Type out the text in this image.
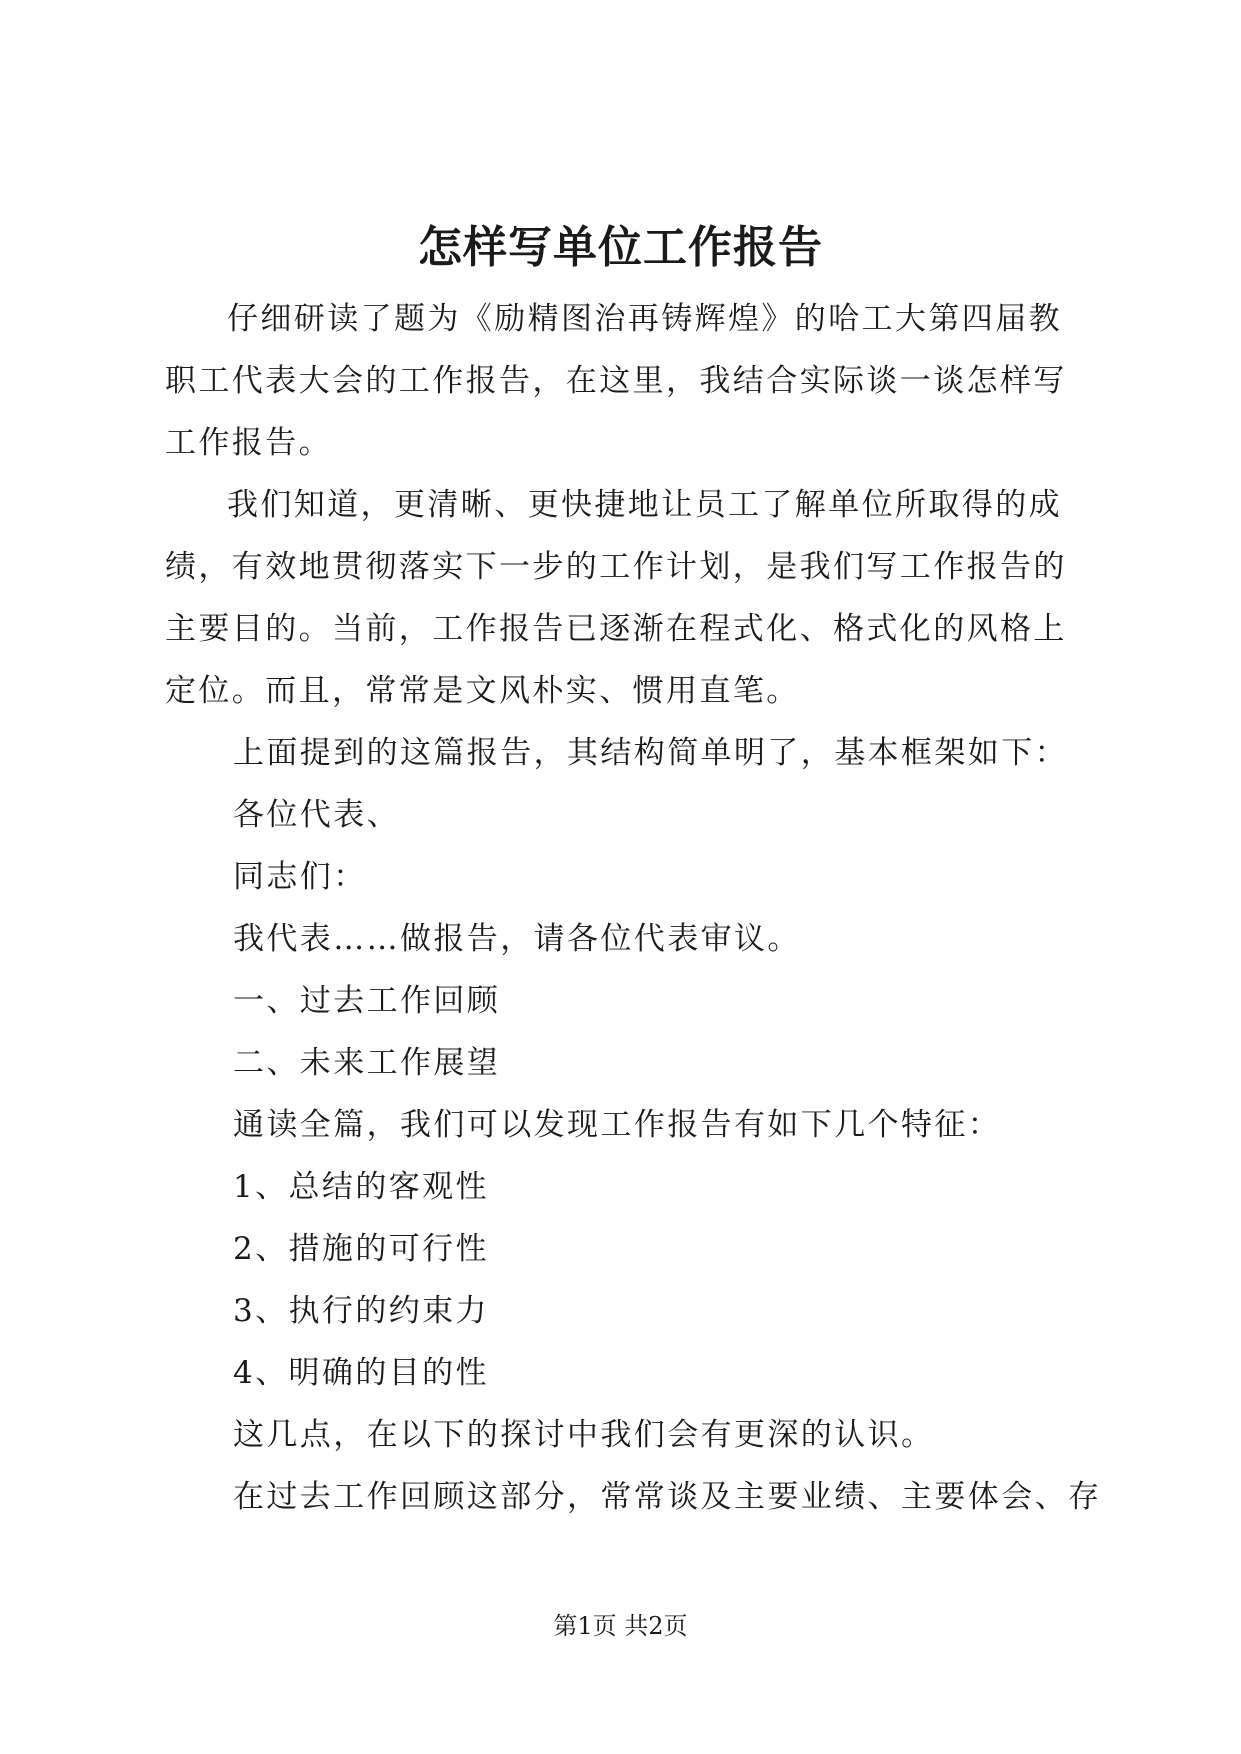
怎样写单位工作报告

仔细研读了题为《励精图治再铸辉煌》的哈工大第四届教职工代表大会的工作报告，在这里，我结合实际谈一谈怎样写工作报告。

我们知道，更清晰、更快捷地让员工了解单位所取得的成绩，有效地贯彻落实下一步的工作计划，是我们写工作报告的主要目的。当前，工作报告已逐渐在程式化、格式化的风格上定位。而且，常常是文风朴实、惯用直笔。

上面提到的这篇报告，其结构简单明了，基本框架如下：

各位代表、

同志们：

我代表……做报告，请各位代表审议。

一、过去工作回顾

二、未来工作展望

通读全篇，我们可以发现工作报告有如下几个特征：

1、总结的客观性

2、措施的可行性

3、执行的约束力

4、明确的目的性

这几点，在以下的探讨中我们会有更深的认识。

在过去工作回顾这部分，常常谈及主要业绩、主要体会、存

第1页 共2页
